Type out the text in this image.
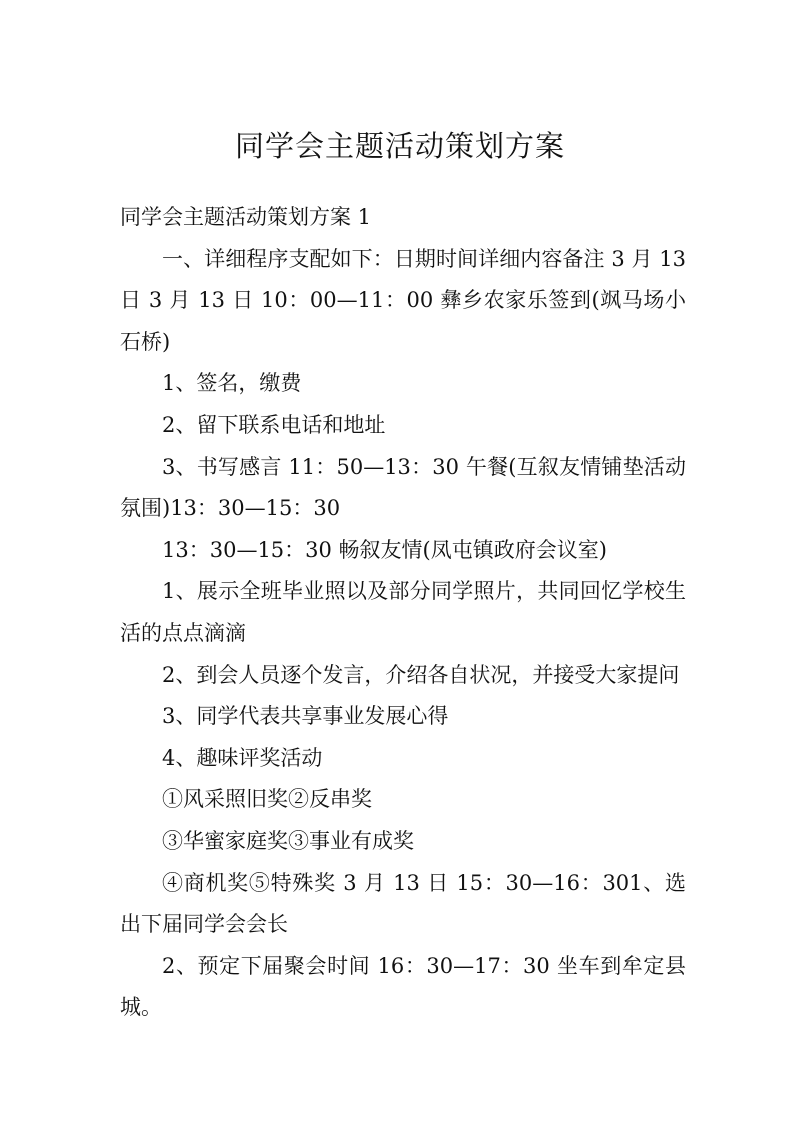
同学会主题活动策划方案

同学会主题活动策划方案 1

一、详细程序支配如下：日期时间详细内容备注 3 月 13 日 3 月 13 日 10：00—11：00 彝乡农家乐签到(飒马场小石桥)

1、签名，缴费

2、留下联系电话和地址

3、书写感言 11：50—13：30 午餐(互叙友情铺垫活动氛围)13：30—15：30

13：30—15：30 畅叙友情(凤屯镇政府会议室)

1、展示全班毕业照以及部分同学照片，共同回忆学校生活的点点滴滴

2、到会人员逐个发言，介绍各自状况，并接受大家提问

3、同学代表共享事业发展心得

4、趣味评奖活动

①风采照旧奖②反串奖

③华蜜家庭奖③事业有成奖

④商机奖⑤特殊奖 3 月 13 日 15：30—16：301、选出下届同学会会长

2、预定下届聚会时间 16：30—17：30 坐车到牟定县城。
